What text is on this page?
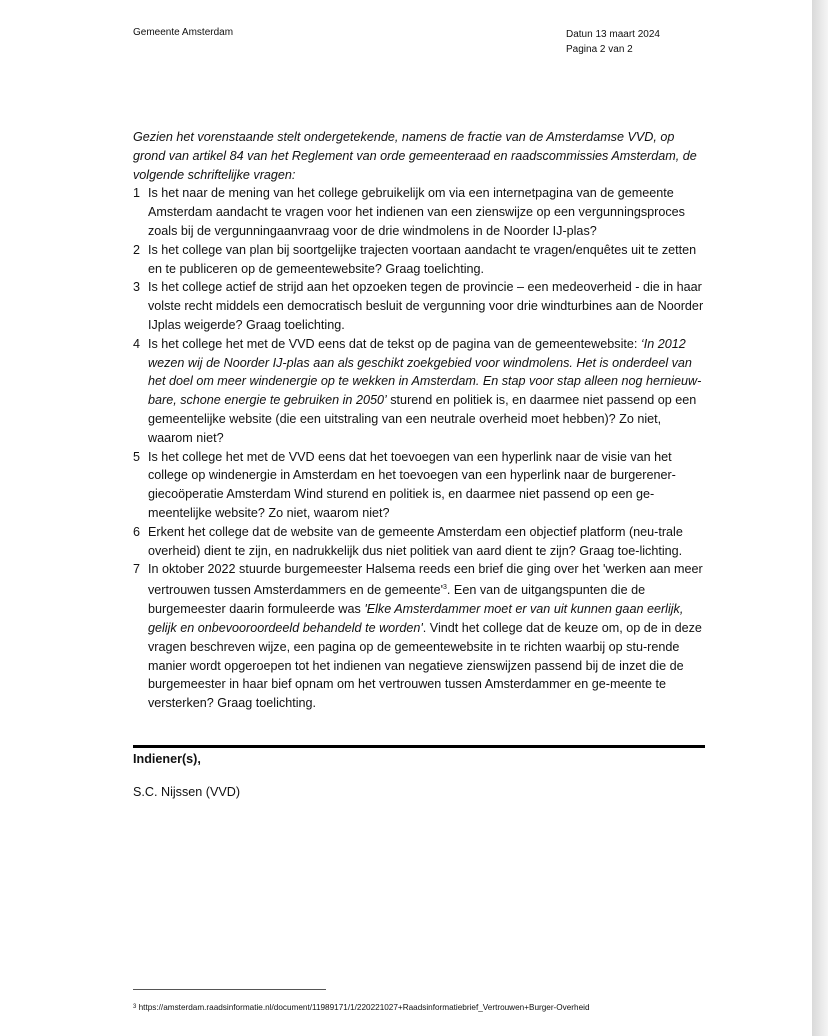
Gemeente Amsterdam	Datun 13 maart 2024
Pagina 2 van 2

Gezien het vorenstaande stelt ondergetekende, namens de fractie van de Amsterdamse VVD, op grond van artikel 84 van het Reglement van orde gemeenteraad en raadscommissies Amsterdam, de volgende schriftelijke vragen:

1 Is het naar de mening van het college gebruikelijk om via een internetpagina van de gemeente Amsterdam aandacht te vragen voor het indienen van een zienswijze op een vergunningsproces zoals bij de vergunningaanvraag voor de drie windmolens in de Noorder IJ-plas?
2 Is het college van plan bij soortgelijke trajecten voortaan aandacht te vragen/enquêtes uit te zetten en te publiceren op de gemeentewebsite? Graag toelichting.
3 Is het college actief de strijd aan het opzoeken tegen de provincie – een medeoverheid - die in haar volste recht middels een democratisch besluit de vergunning voor drie windturbines aan de Noorder IJplas weigerde? Graag toelichting.
4 Is het college het met de VVD eens dat de tekst op de pagina van de gemeentewebsite: ‘In 2012 wezen wij de Noorder IJ-plas aan als geschikt zoekgebied voor windmolens. Het is onderdeel van het doel om meer windenergie op te wekken in Amsterdam. En stap voor stap alleen nog hernieuw-bare, schone energie te gebruiken in 2050’ sturend en politiek is, en daarmee niet passend op een gemeentelijke website (die een uitstraling van een neutrale overheid moet hebben)? Zo niet, waarom niet?
5 Is het college het met de VVD eens dat het toevoegen van een hyperlink naar de visie van het college op windenergie in Amsterdam en het toevoegen van een hyperlink naar de burgerener-giecoöperatie Amsterdam Wind sturend en politiek is, en daarmee niet passend op een ge-meentelijke website? Zo niet, waarom niet?
6 Erkent het college dat de website van de gemeente Amsterdam een objectief platform (neu-trale overheid) dient te zijn, en nadrukkelijk dus niet politiek van aard dient te zijn? Graag toe-lichting.
7 In oktober 2022 stuurde burgemeester Halsema reeds een brief die ging over het 'werken aan meer vertrouwen tussen Amsterdammers en de $gemeente'^3$. Een van de uitgangspunten die de burgemeester daarin formuleerde was 'Elke Amsterdammer moet er van uit kunnen gaan eerlijk, gelijk en onbevooroordeeld behandeld te worden'. Vindt het college dat de keuze om, op de in deze vragen beschreven wijze, een pagina op de gemeentewebsite in te richten waarbij op stu-rende manier wordt opgeroepen tot het indienen van negatieve zienswijzen passend bij de inzet die de burgemeester in haar bief opnam om het vertrouwen tussen Amsterdammer en ge-meente te versterken? Graag toelichting.
Indiener(s),
S.C. Nijssen (VVD)
$^3$ https://amsterdam.raadsinformatie.nl/document/11989171/1/220221027+Raadsinformatiebrief_Vertrouwen+Burger-Overheid
